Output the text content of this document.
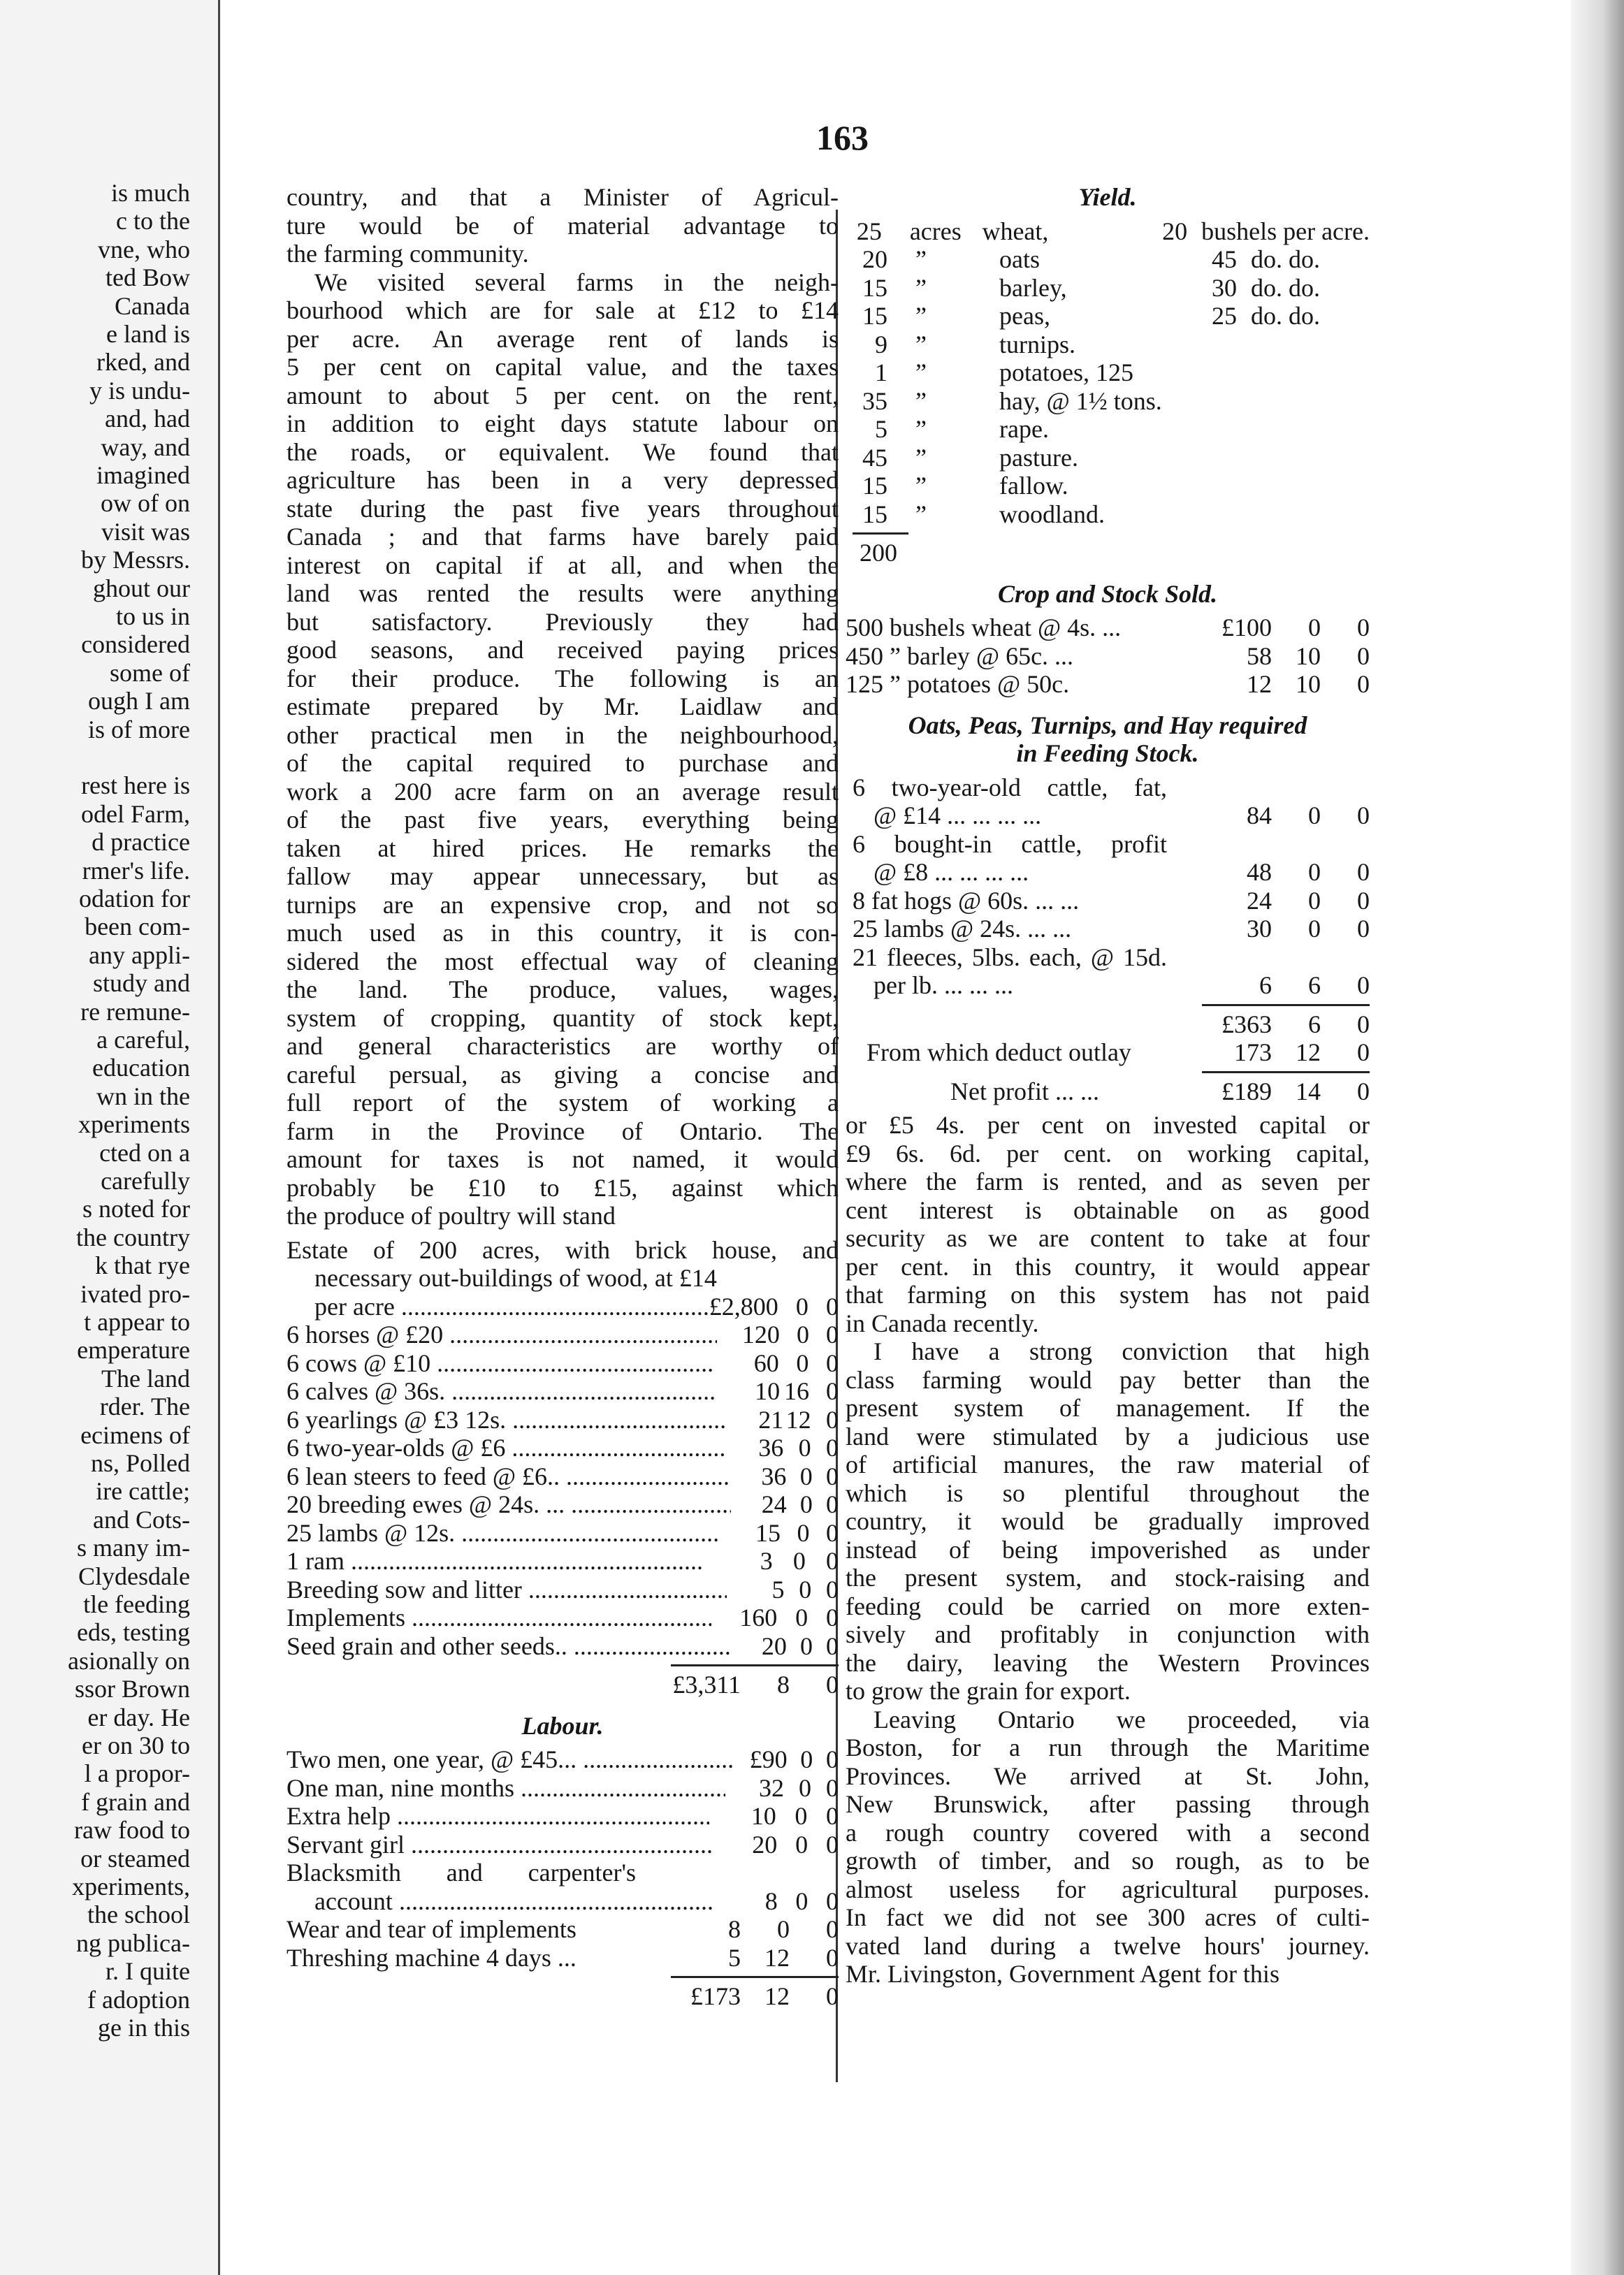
is much
c to the
vne, who
ted Bow
Canada
e land is
rked, and
y is undu-
and, had
way, and
imagined
ow of on
visit was
by Messrs.
ghout our
to us in
considered
some of
ough I am
is of more
rest here is
odel Farm,
d practice
rmer's life.
odation for
been com-
any appli-
study and
re remune-
a careful,
education
wn in the
xperiments
cted on a
carefully
s noted for
the country
k that rye
ivated pro-
t appear to
emperature
The land
rder. The
ecimens of
ns, Polled
ire cattle;
and Cots-
s many im-
Clydesdale
tle feeding
eds, testing
asionally on
ssor Brown
er day. He
er on 30 to
l a propor-
f grain and
raw food to
or steamed
xperiments,
the school
ng publica-
r. I quite
f adoption
ge in this
163

country, and that a Minister of Agricul-

ture would be of material advantage to

the farming community.

We visited several farms in the neigh-

bourhood which are for sale at £12 to £14

per acre. An average rent of lands is

5 per cent on capital value, and the taxes

amount to about 5 per cent. on the rent,

in addition to eight days statute labour on

the roads, or equivalent. We found that

agriculture has been in a very depressed

state during the past five years throughout

Canada ; and that farms have barely paid

interest on capital if at all, and when the

land was rented the results were anything

but satisfactory. Previously they had

good seasons, and received paying prices

for their produce. The following is an

estimate prepared by Mr. Laidlaw and

other practical men in the neighbourhood,

of the capital required to purchase and

work a 200 acre farm on an average result

of the past five years, everything being

taken at hired prices. He remarks the

fallow may appear unnecessary, but as

turnips are an expensive crop, and not so

much used as in this country, it is con-

sidered the most effectual way of cleaning

the land. The produce, values, wages,

system of cropping, quantity of stock kept,

and general characteristics are worthy of

careful persual, as giving a concise and

full report of the system of working a

farm in the Province of Ontario. The

amount for taxes is not named, it would

probably be £10 to £15, against which

the produce of poultry will stand

Estate of 200 acres, with brick house, and

necessary out-buildings of wood, at £14

per acre .....	£2,800 0 0
6 horses @ £20 .....	120 0 0
6 cows @ £10 .....	60 0 0
6 calves @ 36s. .....	10 16 0
6 yearlings @ £3 12s. .....	21 12 0
6 two-year-olds @ £6 .....	36 0 0
6 lean steers to feed @ £6.. .....	36 0 0
20 breeding ewes @ 24s. ... .....	24 0 0
25 lambs @ 12s. .....	15 0 0
1 ram .....	3 0 0
Breeding sow and litter .....	5 0 0
Implements .....	160 0 0
Seed grain and other seeds.. .....	20 0 0
£3,311	8	0
Labour.
Two men, one year, @ £45... .....	£90 0 0
One man, nine months .....	32 0 0
Extra help .....	10 0 0
Servant girl .....	20 0 0

Blacksmith and carpenter's

account .....	8 0 0
Wear and tear of implements	8	0	0
Threshing machine 4 days ...	5 12	0
£173 12	0
Yield.
25	acres wheat,	20 bushels per acre.
20	”	oats	45 do. do.
15	”	barley,	30 do. do.
15	”	peas,	25 do. do.
9	”	turnips.
1	”	potatoes, 125
35	”	hay, @ 1½ tons.
5	”	rape.
45	”	pasture.
15	”	fallow.
15	”	woodland.
200
Crop and Stock Sold.
500 bushels wheat @ 4s. ...	£100	0	0
450 ” barley @ 65c. ...	58 10	0
125 ” potatoes @ 50c.	12 10	0
Oats, Peas, Turnips, and Hay required
in Feeding Stock.

6 two-year-old cattle, fat,

@ £14 ... ... ... ...	84	0	0

6 bought-in cattle, profit

@ £8 ... ... ... ...	48	0	0
8 fat hogs @ 60s. ... ...	24	0	0
25 lambs @ 24s. ... ...	30	0	0

21 fleeces, 5lbs. each, @ 15d.

per lb. ... ... ...	6	6	0
£363	6	0
From which deduct outlay	173 12	0
Net profit ... ...	£189 14	0

or £5 4s. per cent on invested capital or

£9 6s. 6d. per cent. on working capital,

where the farm is rented, and as seven per

cent interest is obtainable on as good

security as we are content to take at four

per cent. in this country, it would appear

that farming on this system has not paid

in Canada recently.

I have a strong conviction that high

class farming would pay better than the

present system of management. If the

land were stimulated by a judicious use

of artificial manures, the raw material of

which is so plentiful throughout the

country, it would be gradually improved

instead of being impoverished as under

the present system, and stock-raising and

feeding could be carried on more exten-

sively and profitably in conjunction with

the dairy, leaving the Western Provinces

to grow the grain for export.

Leaving Ontario we proceeded, via

Boston, for a run through the Maritime

Provinces. We arrived at St. John,

New Brunswick, after passing through

a rough country covered with a second

growth of timber, and so rough, as to be

almost useless for agricultural purposes.

In fact we did not see 300 acres of culti-

vated land during a twelve hours' journey.

Mr. Livingston, Government Agent for this
